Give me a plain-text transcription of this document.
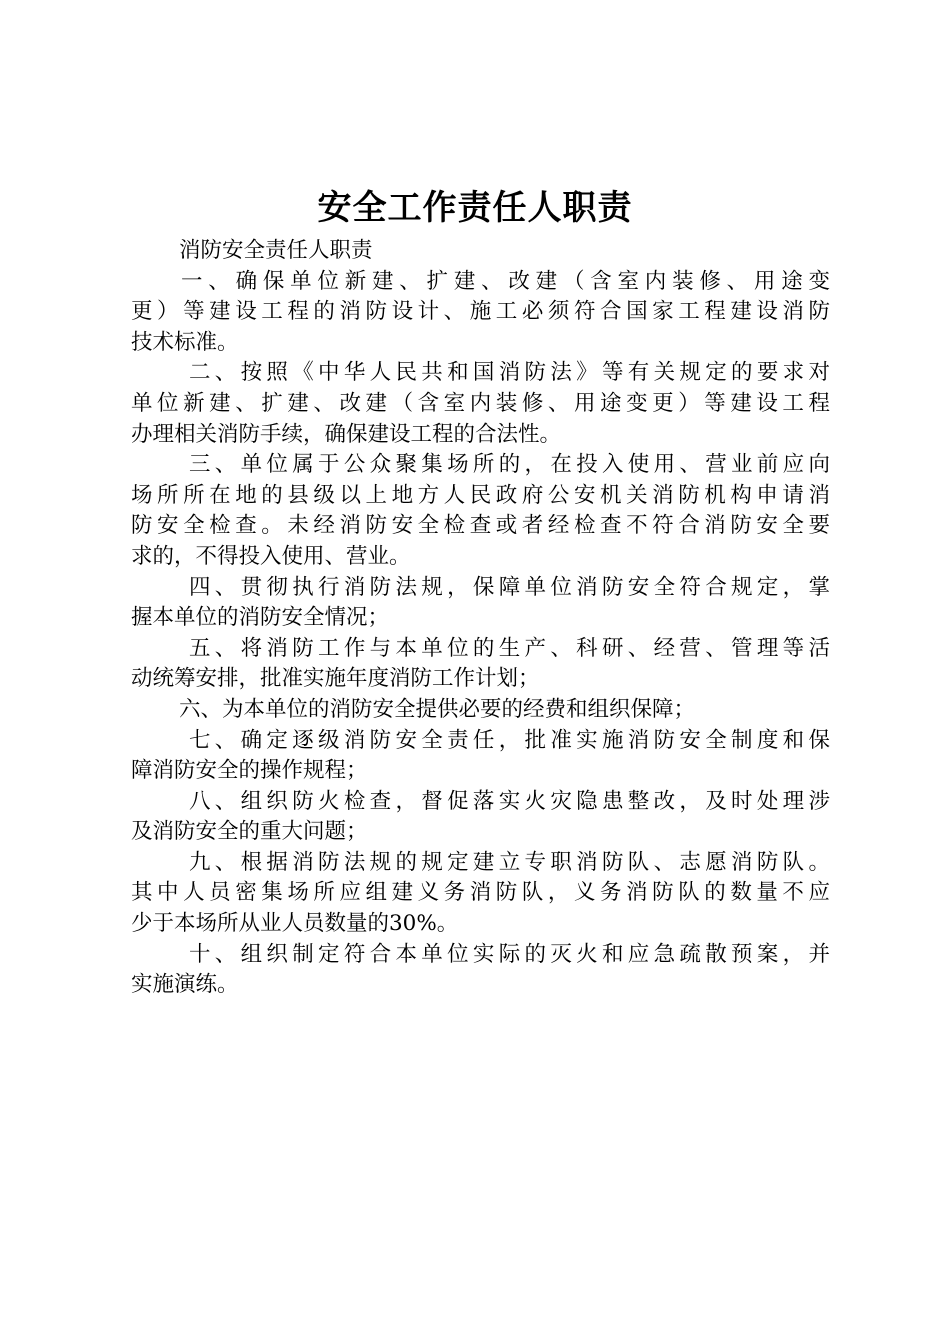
安全工作责任人职责
消防安全责任人职责
一、确保单位新建、扩建、改建（含室内装修、用途变
更）等建设工程的消防设计、施工必须符合国家工程建设消防
技术标准。
二、按照《中华人民共和国消防法》等有关规定的要求对
单位新建、扩建、改建（含室内装修、用途变更）等建设工程
办理相关消防手续，确保建设工程的合法性。
三、单位属于公众聚集场所的，在投入使用、营业前应向
场所所在地的县级以上地方人民政府公安机关消防机构申请消
防安全检查。未经消防安全检查或者经检查不符合消防安全要
求的，不得投入使用、营业。
四、贯彻执行消防法规，保障单位消防安全符合规定，掌
握本单位的消防安全情况；
五、将消防工作与本单位的生产、科研、经营、管理等活
动统筹安排，批准实施年度消防工作计划；
六、为本单位的消防安全提供必要的经费和组织保障；
七、确定逐级消防安全责任，批准实施消防安全制度和保
障消防安全的操作规程；
八、组织防火检查，督促落实火灾隐患整改，及时处理涉
及消防安全的重大问题；
九、根据消防法规的规定建立专职消防队、志愿消防队。
其中人员密集场所应组建义务消防队，义务消防队的数量不应
少于本场所从业人员数量的30%。
十、组织制定符合本单位实际的灭火和应急疏散预案，并
实施演练。
